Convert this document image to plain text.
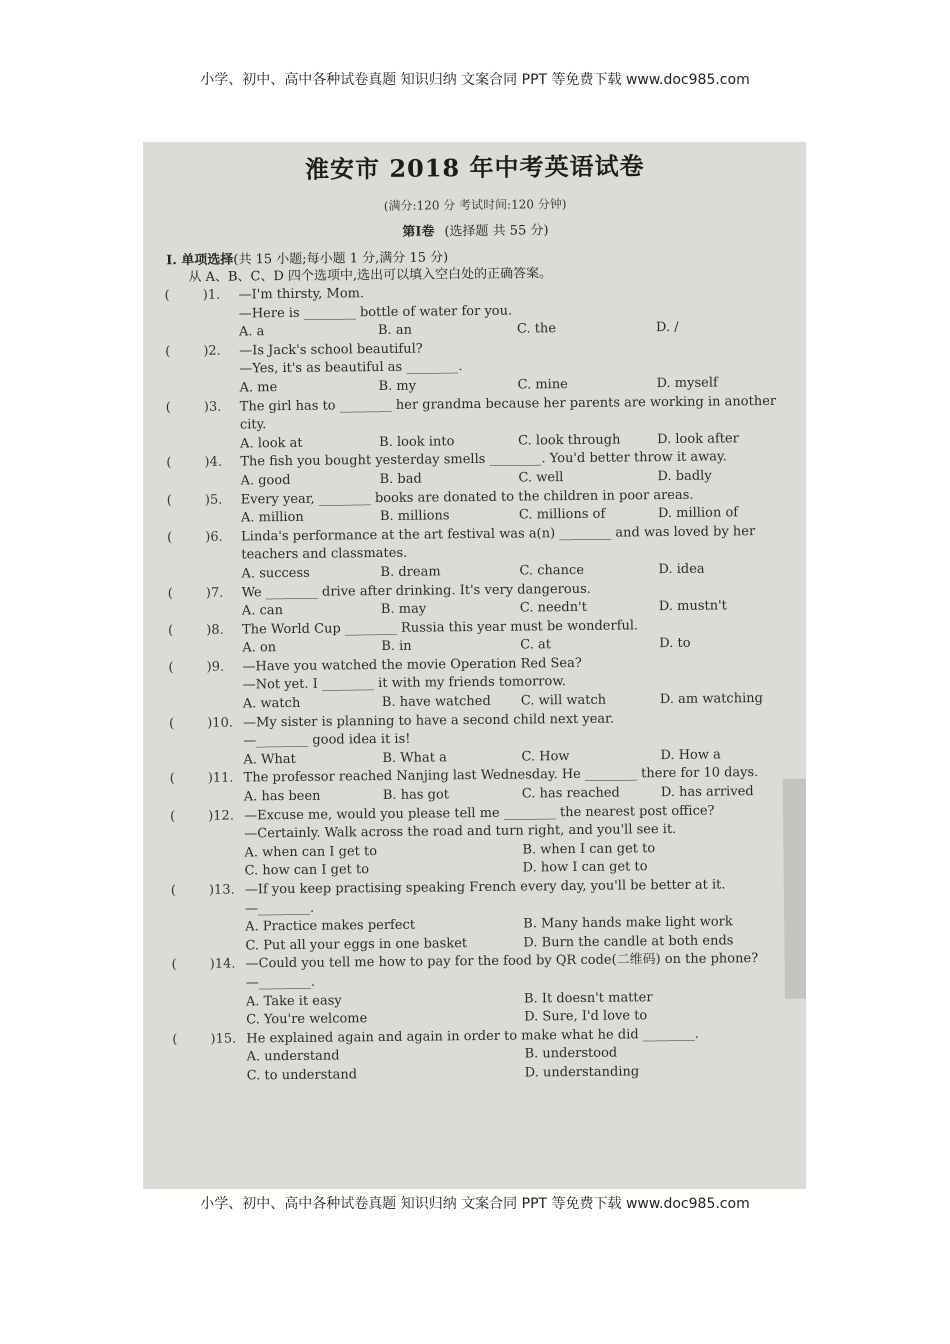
小学、初中、高中各种试卷真题 知识归纳 文案合同 PPT 等免费下载 www.doc985.com
淮安市 2018 年中考英语试卷
(满分:120 分 考试时间:120 分钟)
第Ⅰ卷 (选择题 共 55 分)
Ⅰ. 单项选择(共 15 小题;每小题 1 分,满分 15 分)
从 A、B、C、D 四个选项中,选出可以填入空白处的正确答案。
(        )1.	—I'm thirsty, Mom.
—Here is ________ bottle of water for you.
A. a	B. an	C. the	D. /
(        )2.	—Is Jack's school beautiful?
—Yes, it's as beautiful as ________.
A. me	B. my	C. mine	D. myself
(        )3.	The girl has to ________ her grandma because her parents are working in another city.
A. look at	B. look into	C. look through	D. look after
(        )4.	The fish you bought yesterday smells ________. You'd better throw it away.
A. good	B. bad	C. well	D. badly
(        )5.	Every year, ________ books are donated to the children in poor areas.
A. million	B. millions	C. millions of	D. million of
(        )6.	Linda's performance at the art festival was a(n) ________ and was loved by her teachers and classmates.
A. success	B. dream	C. chance	D. idea
(        )7.	We ________ drive after drinking. It's very dangerous.
A. can	B. may	C. needn't	D. mustn't
(        )8.	The World Cup ________ Russia this year must be wonderful.
A. on	B. in	C. at	D. to
(        )9.	—Have you watched the movie Operation Red Sea?
—Not yet. I ________ it with my friends tomorrow.
A. watch	B. have watched	C. will watch	D. am watching
(        )10. —My sister is planning to have a second child next year.
—________ good idea it is!
A. What	B. What a	C. How	D. How a
(        )11. The professor reached Nanjing last Wednesday. He ________ there for 10 days.
A. has been	B. has got	C. has reached	D. has arrived
(        )12. —Excuse me, would you please tell me ________ the nearest post office?
—Certainly. Walk across the road and turn right, and you'll see it.
A. when can I get to	B. when I can get to
C. how can I get to	D. how I can get to
(        )13. —If you keep practising speaking French every day, you'll be better at it.
—________.
A. Practice makes perfect	B. Many hands make light work
C. Put all your eggs in one basket	D. Burn the candle at both ends
(        )14. —Could you tell me how to pay for the food by QR code(二维码) on the phone?
—________.
A. Take it easy	B. It doesn't matter
C. You're welcome	D. Sure, I'd love to
(        )15. He explained again and again in order to make what he did ________.
A. understand	B. understood
C. to understand	D. understanding
小学、初中、高中各种试卷真题 知识归纳 文案合同 PPT 等免费下载 www.doc985.com
